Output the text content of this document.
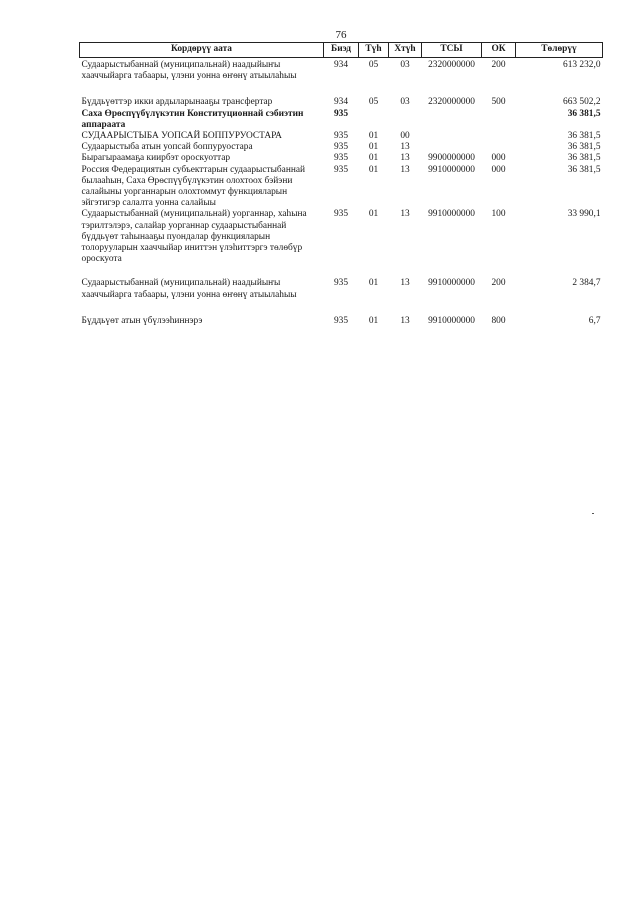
76
Кордөрүү аата	Биэд	Түһ	Хтүһ	ТСЫ	ОК	Төлөрүү
Судаарыстыбаннай (муниципальнай) наадыйыҥы хааччыйарга табаары, үлэни уонна өҥөнү атыылаһыы	934	05	03	2320000000	200	613 232,0
Бүддьүөттэр икки ардыларынааҕы трансфертар	934	05	03	2320000000	500	663 502,2
Саха Өрөспүүбүлүкэтин Конституционнай сэбиэтин аппараата	935					36 381,5
СУДААРЫСТЫБА УОПСАЙ БОППУРУОСТАРА	935	01	00			36 381,5
Судаарыстыба атын уопсай боппуруостара	935	01	13			36 381,5
Бырагыраамаҕа киирбэт ороскуоттар	935	01	13	9900000000	000	36 381,5
Россия Федерациятын субъекттарын судаарыстыбаннай былааһын, Саха Өрөспүүбүлүкэтин олохтоох бэйэни салайыны уорганнарын олохтоммут функцияларын эйгэтигэр салалта уонна салайыы	935	01	13	9910000000	000	36 381,5
Судаарыстыбаннай (муниципальнай) уорганнар, хаһына тэрилтэлэрэ, салайар уорганнар судаарыстыбаннай бүддьүөт таһынааҕы пуондалар функцияларын толорууларын хааччыйар иниттэн үлэһиттэргэ төлөбүр ороскуота	935	01	13	9910000000	100	33 990,1
Судаарыстыбаннай (муниципальнай) наадыйыҥы хааччыйарга табаары, үлэни уонна өҥөнү атыылаһыы	935	01	13	9910000000	200	2 384,7
Бүддьүөт атын үбүлээһиннэрэ	935	01	13	9910000000	800	6,7
